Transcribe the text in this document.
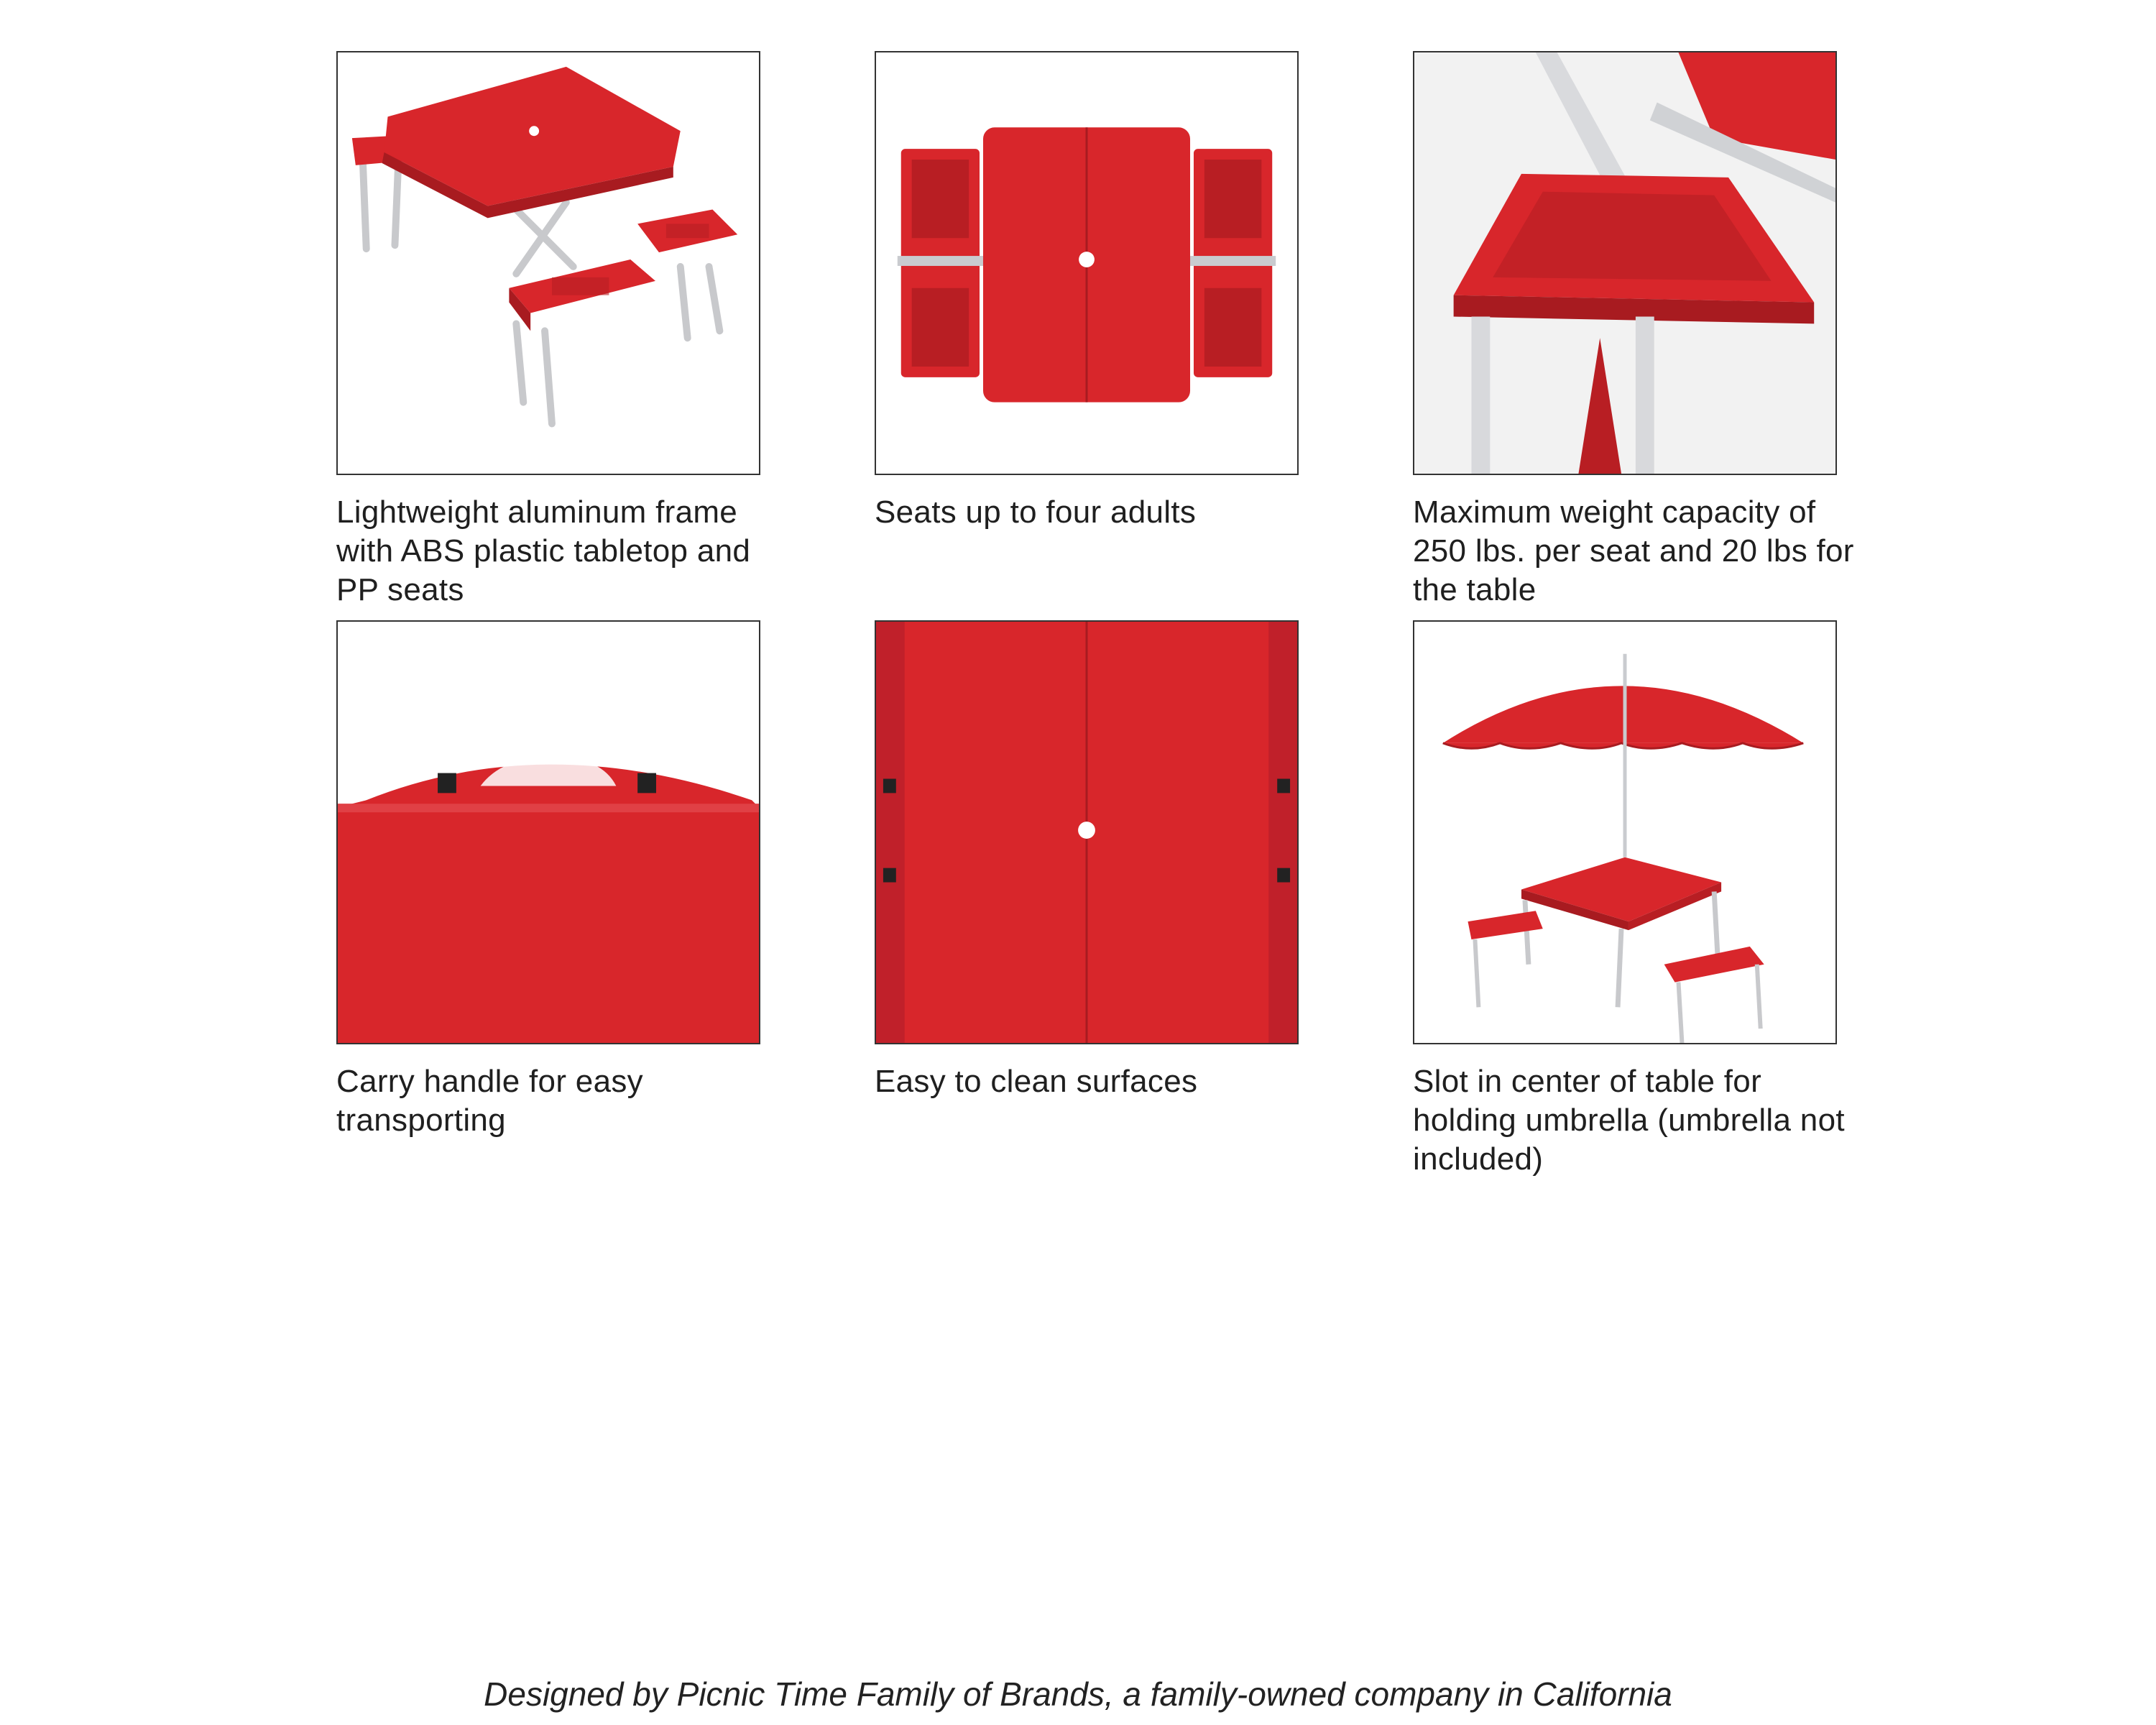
Lightweight aluminum frame with ABS plastic tabletop and PP seats
Seats up to four adults	Maximum weight capacity of 250 lbs. per seat and 20 lbs for the table
Carry handle for easy transporting
Easy to clean surfaces	Slot in center of table for holding umbrella (umbrella not included)
Designed by Picnic Time Family of Brands, a family-owned company in California
